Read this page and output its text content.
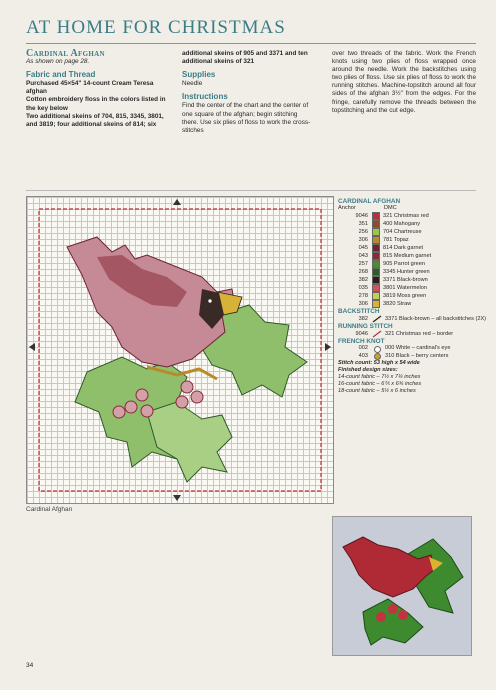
AT HOME FOR CHRISTMAS
Cardinal Afghan
As shown on page 28.
Fabric and Thread
Purchased 45×54" 14-count Cream Teresa afghan
Cotton embroidery floss in the colors listed in the key below
Two additional skeins of 704, 815, 3345, 3801, and 3819; four additional skeins of 814; six
additional skeins of 905 and 3371 and ten additional skeins of 321
Supplies
Needle
Instructions
Find the center of the chart and the center of one square of the afghan; begin stitching there. Use six plies of floss to work the cross-stitches
over two threads of the fabric. Work the French knots using two plies of floss wrapped once around the needle. Work the backstitches using two plies of floss. Use six plies of floss to work the running stitches. Machine-topstitch around all four sides of the afghan 3½" from the edges. For the fringe, carefully remove the threads between the topstitching and the cut edge.
Cardinal Afghan
CARDINAL AFGHAN
Anchor	DMC
9046	321 Christmas red
351	400 Mahogany
256	704 Chartreuse
306	781 Topaz
045	814 Dark garnet
043	815 Medium garnet
257	905 Parrot green
268	3345 Hunter green
382	3371 Black-brown
035	3801 Watermelon
278	3819 Moss green
306	3820 Straw
BACKSTITCH
382	3371 Black-brown – all backstitches (2X)
RUNNING STITCH
9046	321 Christmas red – border
FRENCH KNOT
002	000 White – cardinal's eye
403	310 Black – berry centers
Stitch count: 53 high x 54 wide
Finished design sizes:
14-count fabric – 7½ x 7¼ inches
16-count fabric – 6⅖ x 6¾ inches
18-count fabric – 5½ x 6 inches
34
